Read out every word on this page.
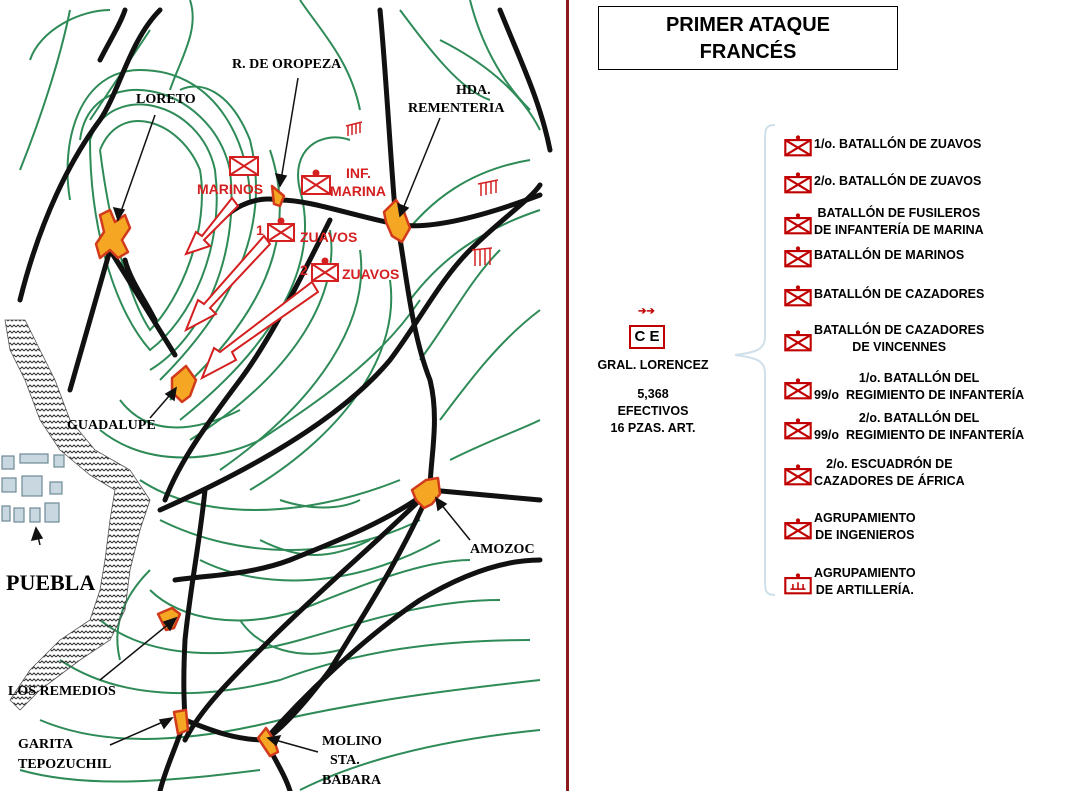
LORETO
R. DE OROPEZA
HDA.
REMENTERIA
GUADALUPE
PUEBLA
AMOZOC
LOS REMEDIOS
GARITA
TEPOZUCHIL
MOLINO
STA.
BABARA
MARINOS
INF.
MARINA
1	ZUAVOS
2 ZUAVOS
PRIMER ATAQUE
FRANCÉS
➔➔
C E
GRAL. LORENCEZ
5,368
EFECTIVOS
16 PZAS. ART.
1/o. BATALLÓN DE ZUAVOS
2/o. BATALLÓN DE ZUAVOS
BATALLÓN DE FUSILEROS
DE INFANTERÍA DE MARINA
BATALLÓN DE MARINOS
BATALLÓN DE CAZADORES
BATALLÓN DE CAZADORES
DE VINCENNES
1/o. BATALLÓN DEL
99/o  REGIMIENTO DE INFANTERÍA
2/o. BATALLÓN DEL
99/o  REGIMIENTO DE INFANTERÍA
2/o. ESCUADRÓN DE
CAZADORES DE ÁFRICA
AGRUPAMIENTO
DE INGENIEROS
AGRUPAMIENTO
DE ARTILLERÍA.
